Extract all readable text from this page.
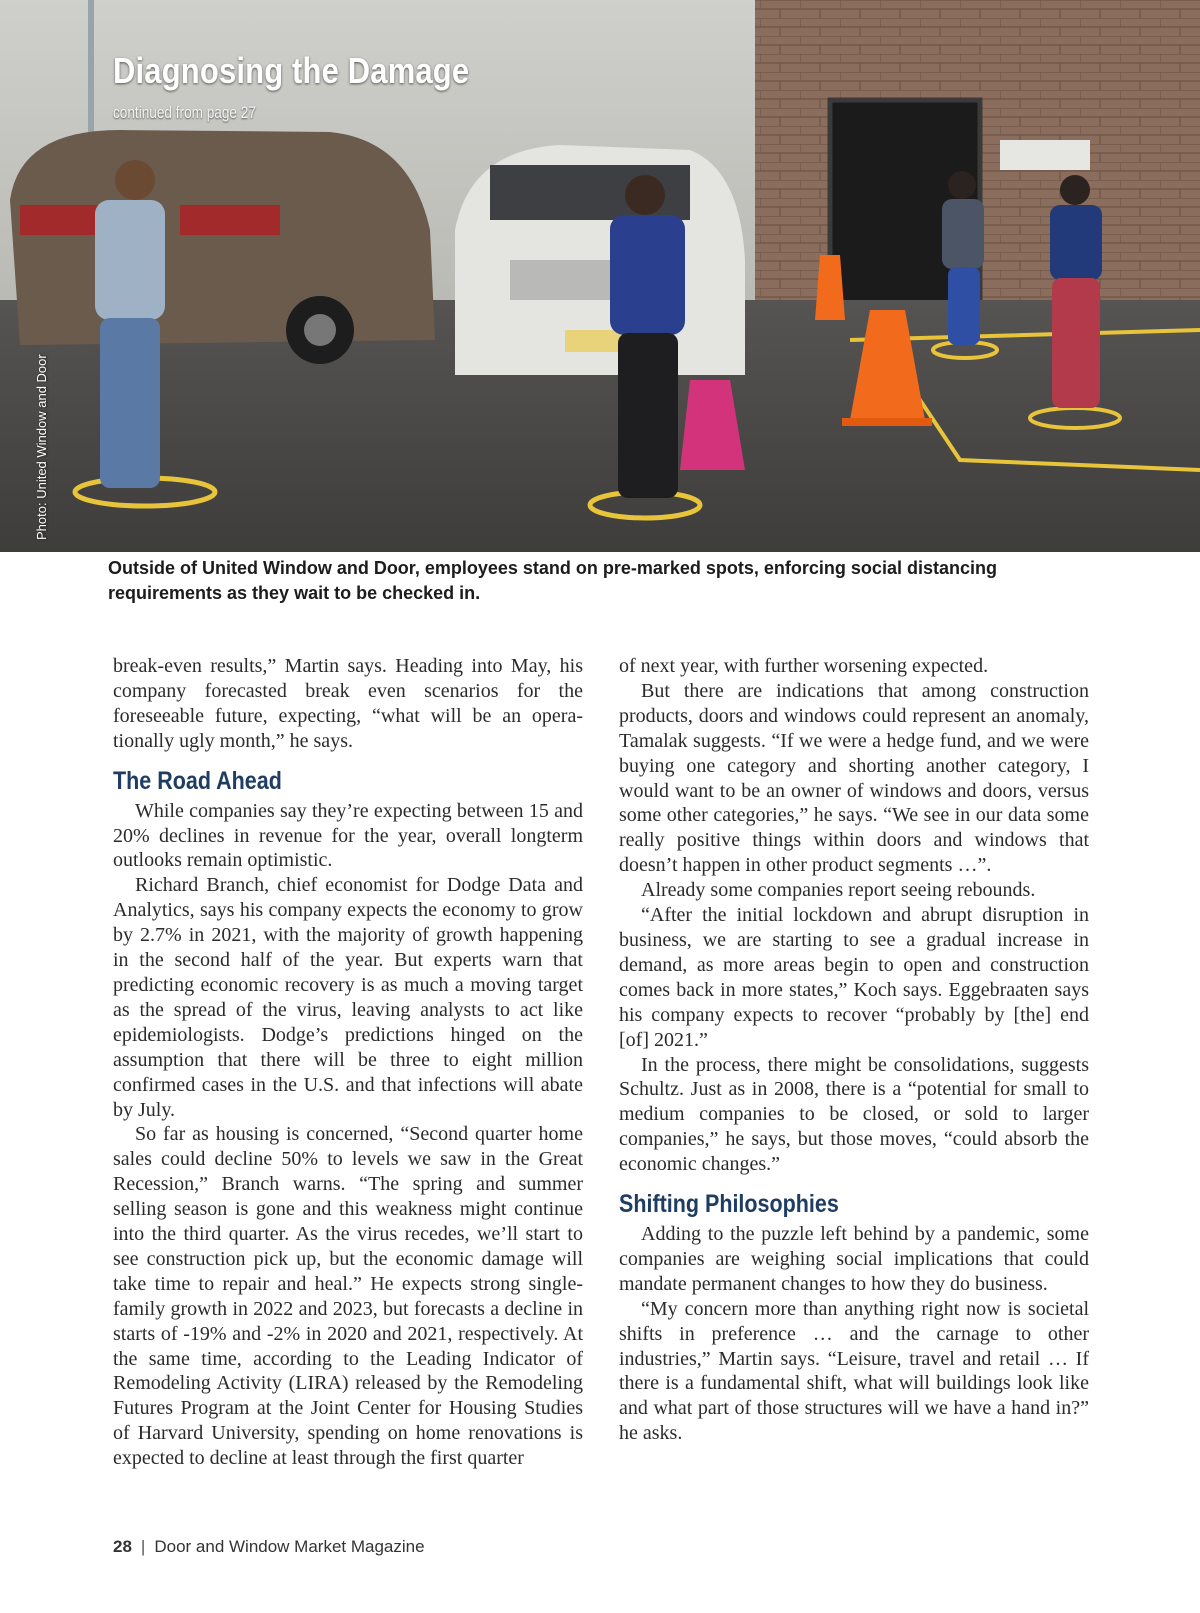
Diagnosing the Damage
continued from page 27
Photo: United Window and Door

Outside of United Window and Door, employees stand on pre-marked spots, enforcing social distancing requirements as they wait to be checked in.

break-even results,” Martin says. Heading into May, his company forecasted break even scenarios for the foreseeable future, expecting, “what will be an operationally ugly month,” he says.

The Road Ahead

While companies say they’re expecting between 15 and 20% declines in revenue for the year, overall longterm outlooks remain optimistic.

Richard Branch, chief economist for Dodge Data and Analytics, says his company expects the economy to grow by 2.7% in 2021, with the majority of growth happening in the second half of the year. But experts warn that predicting economic recovery is as much a moving target as the spread of the virus, leaving analysts to act like epidemiologists. Dodge’s predictions hinged on the assumption that there will be three to eight million confirmed cases in the U.S. and that infections will abate by July.

So far as housing is concerned, “Second quarter home sales could decline 50% to levels we saw in the Great Recession,” Branch warns. “The spring and summer selling season is gone and this weakness might continue into the third quarter. As the virus recedes, we’ll start to see construction pick up, but the economic damage will take time to repair and heal.” He expects strong single-family growth in 2022 and 2023, but forecasts a decline in starts of -19% and -2% in 2020 and 2021, respectively. At the same time, according to the Leading Indicator of Remodeling Activity (LIRA) released by the Remodeling Futures Program at the Joint Center for Housing Studies of Harvard University, spending on home renovations is expected to decline at least through the first quarter

of next year, with further worsening expected.

But there are indications that among construction products, doors and windows could represent an anomaly, Tamalak suggests. “If we were a hedge fund, and we were buying one category and shorting another category, I would want to be an owner of windows and doors, versus some other categories,” he says. “We see in our data some really positive things within doors and windows that doesn’t happen in other product segments …”.

Already some companies report seeing rebounds.

“After the initial lockdown and abrupt disruption in business, we are starting to see a gradual increase in demand, as more areas begin to open and construction comes back in more states,” Koch says. Eggebraaten says his company expects to recover “probably by [the] end [of] 2021.”

In the process, there might be consolidations, suggests Schultz. Just as in 2008, there is a “potential for small to medium companies to be closed, or sold to larger companies,” he says, but those moves, “could absorb the economic changes.”

Shifting Philosophies

Adding to the puzzle left behind by a pandemic, some companies are weighing social implications that could mandate permanent changes to how they do business.

“My concern more than anything right now is societal shifts in preference … and the carnage to other industries,” Martin says. “Leisure, travel and retail … If there is a fundamental shift, what will buildings look like and what part of those structures will we have a hand in?” he asks.

28 | Door and Window Market Magazine
